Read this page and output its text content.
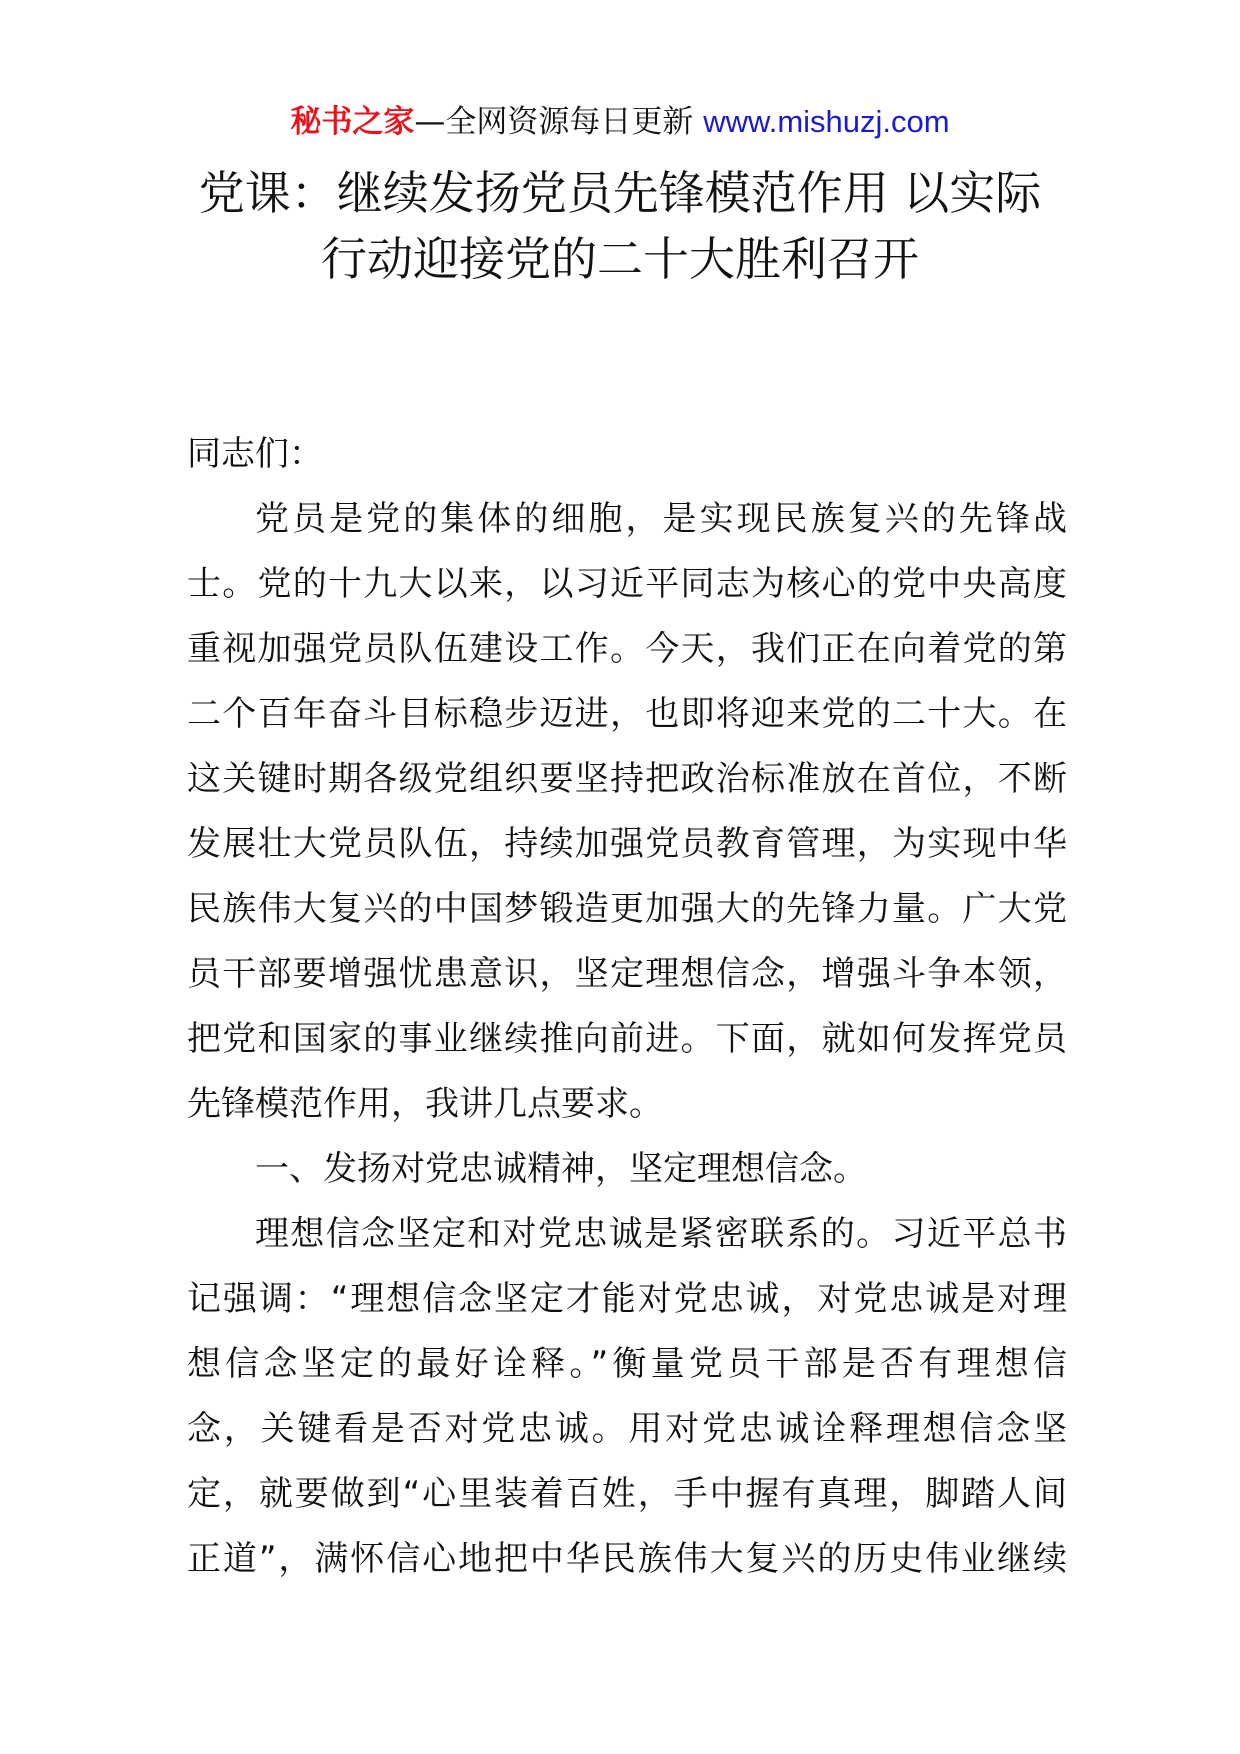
秘书之家—全网资源每日更新 www.mishuzj.com
党课：继续发扬党员先锋模范作用 以实际
行动迎接党的二十大胜利召开
同志们：
党员是党的集体的细胞，是实现民族复兴的先锋战
士。党的十九大以来，以习近平同志为核心的党中央高度
重视加强党员队伍建设工作。今天，我们正在向着党的第
二个百年奋斗目标稳步迈进，也即将迎来党的二十大。在
这关键时期各级党组织要坚持把政治标准放在首位，不断
发展壮大党员队伍，持续加强党员教育管理，为实现中华
民族伟大复兴的中国梦锻造更加强大的先锋力量。广大党
员干部要增强忧患意识，坚定理想信念，增强斗争本领，
把党和国家的事业继续推向前进。下面，就如何发挥党员
先锋模范作用，我讲几点要求。
一、发扬对党忠诚精神，坚定理想信念。
理想信念坚定和对党忠诚是紧密联系的。习近平总书
记强调：“理想信念坚定才能对党忠诚，对党忠诚是对理
想信念坚定的最好诠释。”衡量党员干部是否有理想信
念，关键看是否对党忠诚。用对党忠诚诠释理想信念坚
定，就要做到“心里装着百姓，手中握有真理，脚踏人间
正道”，满怀信心地把中华民族伟大复兴的历史伟业继续
